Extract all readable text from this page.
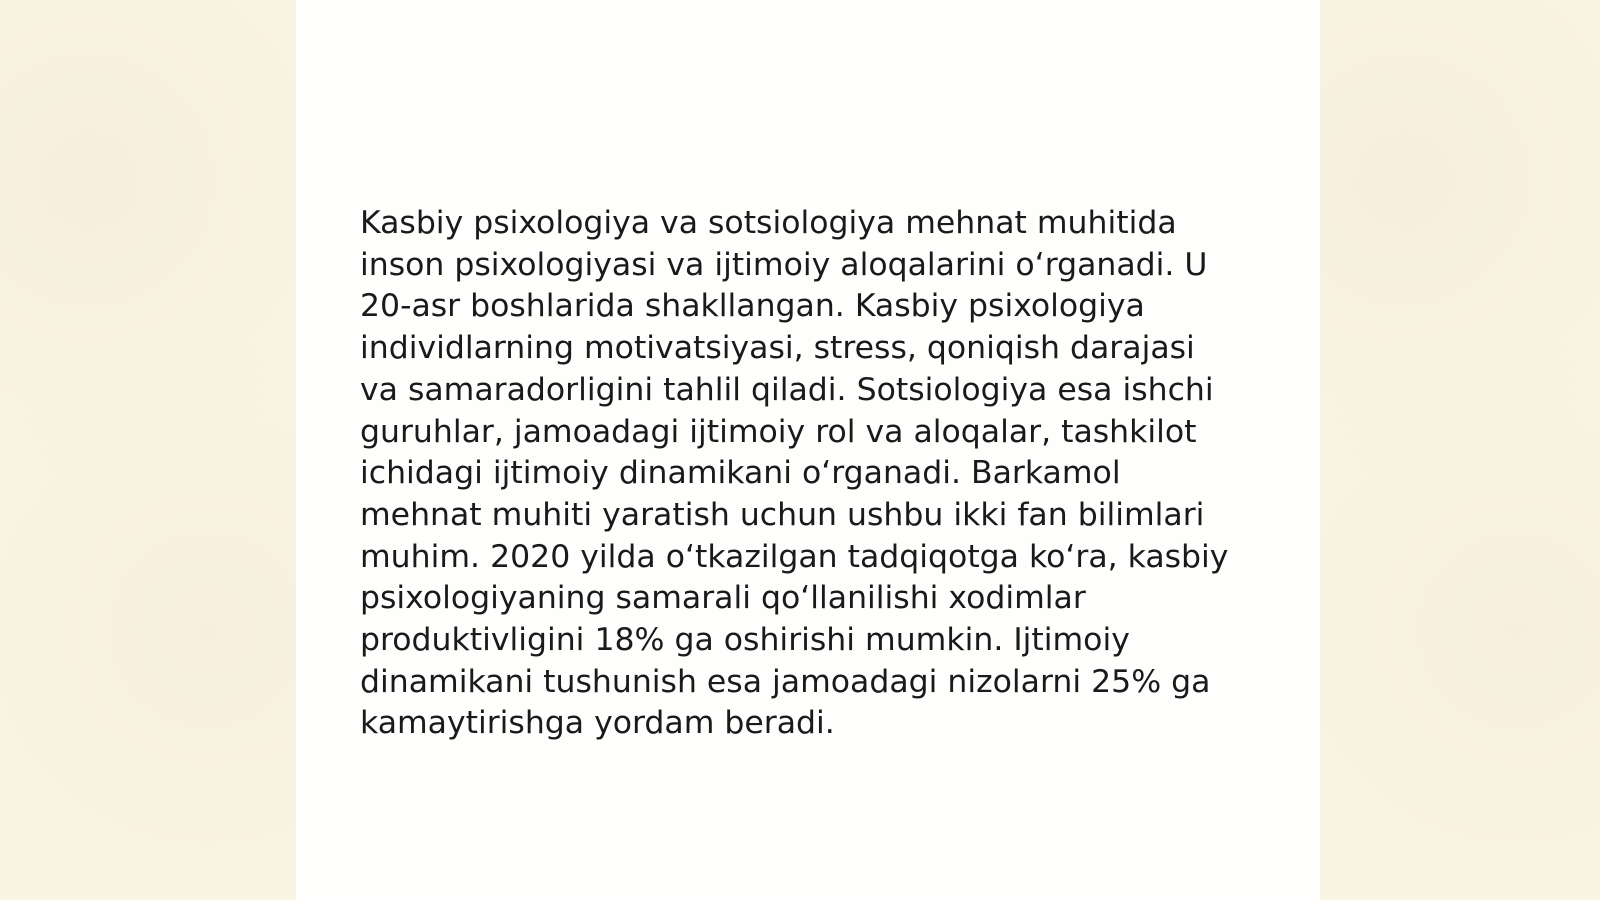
Kasbiy psixologiya va sotsiologiya mehnat muhitida
inson psixologiyasi va ijtimoiy aloqalarini oʻrganadi. U
20-asr boshlarida shakllangan. Kasbiy psixologiya
individlarning motivatsiyasi, stress, qoniqish darajasi
va samaradorligini tahlil qiladi. Sotsiologiya esa ishchi
guruhlar, jamoadagi ijtimoiy rol va aloqalar, tashkilot
ichidagi ijtimoiy dinamikani oʻrganadi. Barkamol
mehnat muhiti yaratish uchun ushbu ikki fan bilimlari
muhim. 2020 yilda oʻtkazilgan tadqiqotga koʻra, kasbiy
psixologiyaning samarali qoʻllanilishi xodimlar
produktivligini 18% ga oshirishi mumkin. Ijtimoiy
dinamikani tushunish esa jamoadagi nizolarni 25% ga
kamaytirishga yordam beradi.
